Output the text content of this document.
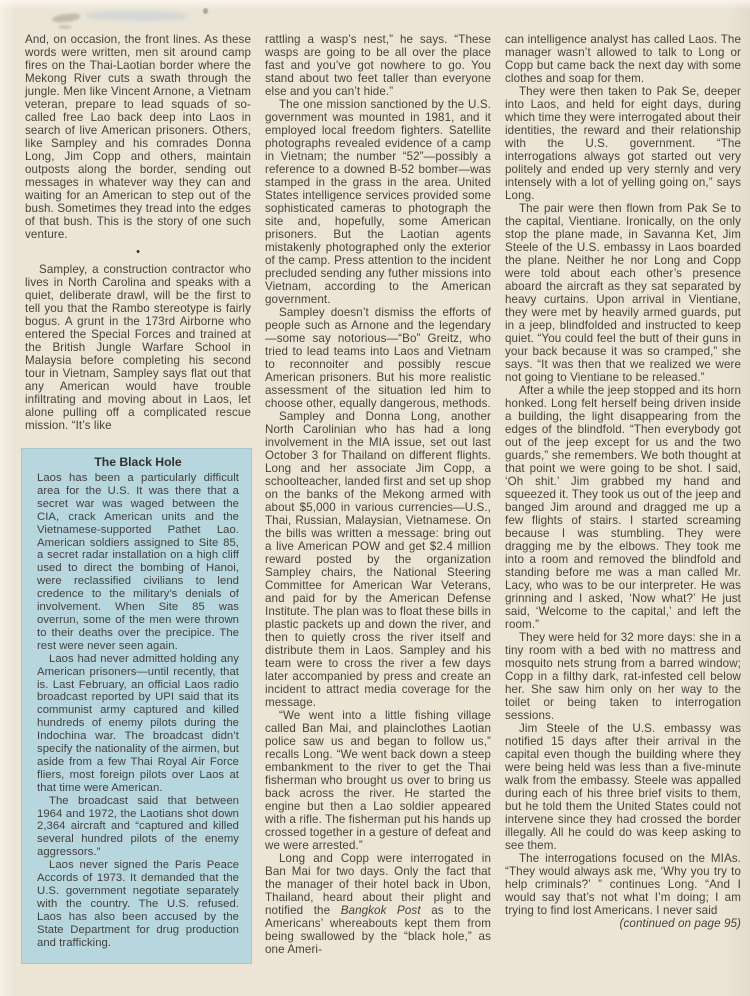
And, on occasion, the front lines. As these words were written, men sit around camp fires on the Thai-Laotian border where the Mekong River cuts a swath through the jungle. Men like Vincent Arnone, a Vietnam veteran, prepare to lead squads of so-called free Lao back deep into Laos in search of live American prisoners. Others, like Sampley and his comrades Donna Long, Jim Copp and others, maintain outposts along the border, sending out messages in whatever way they can and waiting for an American to step out of the bush. Sometimes they tread into the edges of that bush. This is the story of one such venture.

•

Sampley, a construction contractor who lives in North Carolina and speaks with a quiet, deliberate drawl, will be the first to tell you that the Rambo stereotype is fairly bogus. A grunt in the 173rd Airborne who entered the Special Forces and trained at the British Jungle Warfare School in Malaysia before completing his second tour in Vietnam, Sampley says flat out that any American would have trouble infiltrating and moving about in Laos, let alone pulling off a complicated rescue mission. “It’s like

The Black Hole

Laos has been a particularly difficult area for the U.S. It was there that a secret war was waged between the CIA, crack American units and the Vietnamese-supported Pathet Lao. American soldiers assigned to Site 85, a secret radar installation on a high cliff used to direct the bombing of Hanoi, were reclassified civilians to lend credence to the military’s denials of involvement. When Site 85 was overrun, some of the men were thrown to their deaths over the precipice. The rest were never seen again.

Laos had never admitted holding any American prisoners—until recently, that is. Last February, an official Laos radio broadcast reported by UPI said that its communist army captured and killed hundreds of enemy pilots during the Indochina war. The broadcast didn’t specify the nationality of the airmen, but aside from a few Thai Royal Air Force fliers, most foreign pilots over Laos at that time were American.

The broadcast said that between 1964 and 1972, the Laotians shot down 2,364 aircraft and “captured and killed several hundred pilots of the enemy aggressors.”

Laos never signed the Paris Peace Accords of 1973. It demanded that the U.S. government negotiate separately with the country. The U.S. refused. Laos has also been accused by the State Department for drug production and trafficking.

rattling a wasp’s nest,” he says. “These wasps are going to be all over the place fast and you’ve got nowhere to go. You stand about two feet taller than everyone else and you can’t hide.”

The one mission sanctioned by the U.S. government was mounted in 1981, and it employed local freedom fighters. Satellite photographs revealed evidence of a camp in Vietnam; the number “52”—possibly a reference to a downed B-52 bomber—was stamped in the grass in the area. United States intelligence services provided some sophisticated cameras to photograph the site and, hopefully, some American prisoners. But the Laotian agents mistakenly photographed only the exterior of the camp. Press attention to the incident precluded sending any futher missions into Vietnam, according to the American government.

Sampley doesn’t dismiss the efforts of people such as Arnone and the legendary—some say notorious—“Bo” Greitz, who tried to lead teams into Laos and Vietnam to reconnoiter and possibly rescue American prisoners. But his more realistic assessment of the situation led him to choose other, equally dangerous, methods.

Sampley and Donna Long, another North Carolinian who has had a long involvement in the MIA issue, set out last October 3 for Thailand on different flights. Long and her associate Jim Copp, a schoolteacher, landed first and set up shop on the banks of the Mekong armed with about $5,000 in various currencies—U.S., Thai, Russian, Malaysian, Vietnamese. On the bills was written a message: bring out a live American POW and get $2.4 million reward posted by the organization Sampley chairs, the National Steering Committee for American War Veterans, and paid for by the American Defense Institute. The plan was to float these bills in plastic packets up and down the river, and then to quietly cross the river itself and distribute them in Laos. Sampley and his team were to cross the river a few days later accompanied by press and create an incident to attract media coverage for the message.

“We went into a little fishing village called Ban Mai, and plainclothes Laotian police saw us and began to follow us,” recalls Long. “We went back down a steep embankment to the river to get the Thai fisherman who brought us over to bring us back across the river. He started the engine but then a Lao soldier appeared with a rifle. The fisherman put his hands up crossed together in a gesture of defeat and we were arrested.”

Long and Copp were interrogated in Ban Mai for two days. Only the fact that the manager of their hotel back in Ubon, Thailand, heard about their plight and notified the Bangkok Post as to the Americans’ whereabouts kept them from being swallowed by the “black hole,” as one Ameri-

can intelligence analyst has called Laos. The manager wasn’t allowed to talk to Long or Copp but came back the next day with some clothes and soap for them.

They were then taken to Pak Se, deeper into Laos, and held for eight days, during which time they were interrogated about their identities, the reward and their relationship with the U.S. government. “The interrogations always got started out very politely and ended up very sternly and very intensely with a lot of yelling going on,” says Long.

The pair were then flown from Pak Se to the capital, Vientiane. Ironically, on the only stop the plane made, in Savanna Ket, Jim Steele of the U.S. embassy in Laos boarded the plane. Neither he nor Long and Copp were told about each other’s presence aboard the aircraft as they sat separated by heavy curtains. Upon arrival in Vientiane, they were met by heavily armed guards, put in a jeep, blindfolded and instructed to keep quiet. “You could feel the butt of their guns in your back because it was so cramped,” she says. “It was then that we realized we were not going to Vientiane to be released.”

After a while the jeep stopped and its horn honked. Long felt herself being driven inside a building, the light disappearing from the edges of the blindfold. “Then everybody got out of the jeep except for us and the two guards,” she remembers. We both thought at that point we were going to be shot. I said, ‘Oh shit.’ Jim grabbed my hand and squeezed it. They took us out of the jeep and banged Jim around and dragged me up a few flights of stairs. I started screaming because I was stumbling. They were dragging me by the elbows. They took me into a room and removed the blindfold and standing before me was a man called Mr. Lacy, who was to be our interpreter. He was grinning and I asked, ‘Now what?’ He just said, ‘Welcome to the capital,’ and left the room.”

They were held for 32 more days: she in a tiny room with a bed with no mattress and mosquito nets strung from a barred window; Copp in a filthy dark, rat-infested cell below her. She saw him only on her way to the toilet or being taken to interrogation sessions.

Jim Steele of the U.S. embassy was notified 15 days after their arrival in the capital even though the building where they were being held was less than a five-minute walk from the embassy. Steele was appalled during each of his three brief visits to them, but he told them the United States could not intervene since they had crossed the border illegally. All he could do was keep asking to see them.

The interrogations focused on the MIAs. “They would always ask me, ‘Why you try to help criminals?’ ” continues Long. “And I would say that’s not what I’m doing; I am trying to find lost Americans. I never said

(continued on page 95)
